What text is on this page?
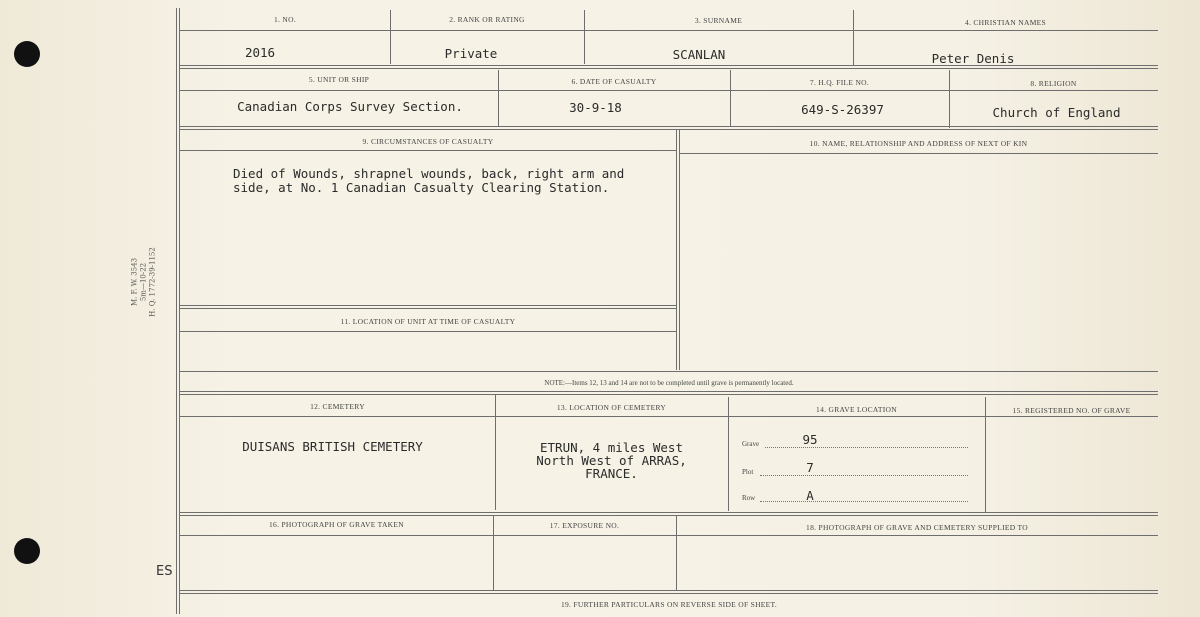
M. F. W. 3543 5m—10-22 H. Q. 1772-39-1152
ES
1. NO.	2. RANK OR RATING	3. SURNAME	4. CHRISTIAN NAMES
2016	Private	SCANLAN	Peter Denis
5. UNIT OR SHIP	6. DATE OF CASUALTY	7. H.Q. FILE NO.	8. RELIGION
Canadian Corps Survey Section.	30-9-18	649-S-26397	Church of England
9. CIRCUMSTANCES OF CASUALTY	10. NAME, RELATIONSHIP AND ADDRESS OF NEXT OF KIN
Died of Wounds, shrapnel wounds, back, right arm and
side, at No. 1 Canadian Casualty Clearing Station.
11. LOCATION OF UNIT AT TIME OF CASUALTY
NOTE:—Items 12, 13 and 14 are not to be completed until grave is permanently located.
12. CEMETERY	13. LOCATION OF CEMETERY	14. GRAVE LOCATION	15. REGISTERED NO. OF GRAVE
DUISANS BRITISH CEMETERY	ETRUN, 4 miles West
North West of ARRAS,
FRANCE.
Grave	95
Plot	7
Row	A
16. PHOTOGRAPH OF GRAVE TAKEN	17. EXPOSURE NO.	18. PHOTOGRAPH OF GRAVE AND CEMETERY SUPPLIED TO
19. FURTHER PARTICULARS ON REVERSE SIDE OF SHEET.
